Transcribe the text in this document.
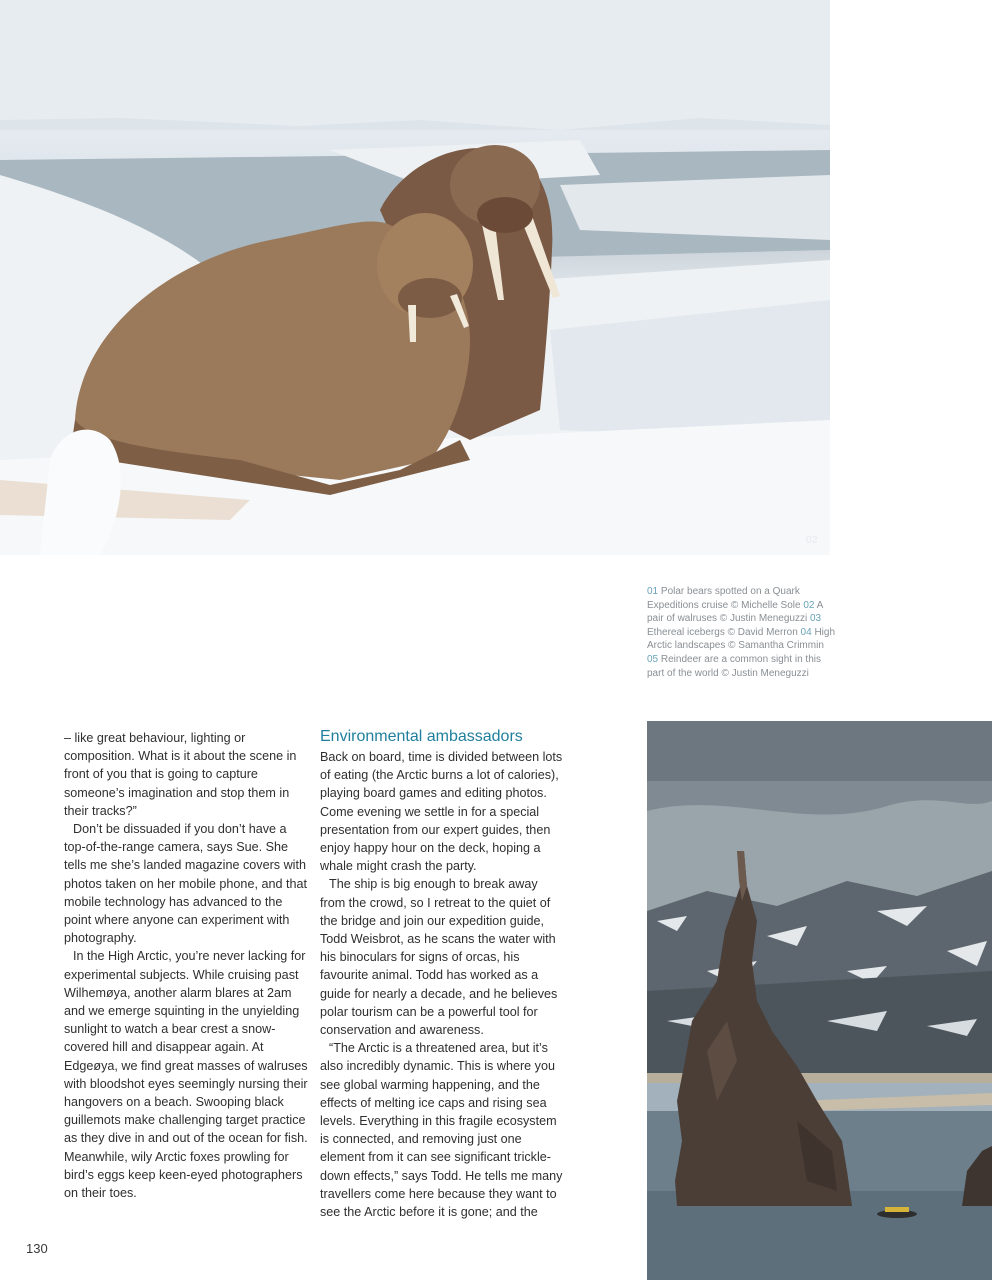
02
01 Polar bears spotted on a Quark Expeditions cruise © Michelle Sole 02 A pair of walruses © Justin Meneguzzi 03 Ethereal icebergs © David Merron 04 High Arctic landscapes © Samantha Crimmin 05 Reindeer are a common sight in this part of the world © Justin Meneguzzi

– like great behaviour, lighting or composition. What is it about the scene in front of you that is going to capture someone’s imagination and stop them in their tracks?”

Don’t be dissuaded if you don’t have a top-of-the-range camera, says Sue. She tells me she’s landed magazine covers with photos taken on her mobile phone, and that mobile technology has advanced to the point where anyone can experiment with photography.

In the High Arctic, you’re never lacking for experimental subjects. While cruising past Wilhemøya, another alarm blares at 2am and we emerge squinting in the unyielding sunlight to watch a bear crest a snow-covered hill and disappear again. At Edgeøya, we find great masses of walruses with bloodshot eyes seemingly nursing their hangovers on a beach. Swooping black guillemots make challenging target practice as they dive in and out of the ocean for fish. Meanwhile, wily Arctic foxes prowling for bird’s eggs keep keen-eyed photographers on their toes.

Environmental ambassadors

Back on board, time is divided between lots of eating (the Arctic burns a lot of calories), playing board games and editing photos. Come evening we settle in for a special presentation from our expert guides, then enjoy happy hour on the deck, hoping a whale might crash the party.

The ship is big enough to break away from the crowd, so I retreat to the quiet of the bridge and join our expedition guide, Todd Weisbrot, as he scans the water with his binoculars for signs of orcas, his favourite animal. Todd has worked as a guide for nearly a decade, and he believes polar tourism can be a powerful tool for conservation and awareness.

“The Arctic is a threatened area, but it’s also incredibly dynamic. This is where you see global warming happening, and the effects of melting ice caps and rising sea levels. Everything in this fragile ecosystem is connected, and removing just one element from it can see significant trickle-down effects,” says Todd. He tells me many travellers come here because they want to see the Arctic before it is gone; and the

130
